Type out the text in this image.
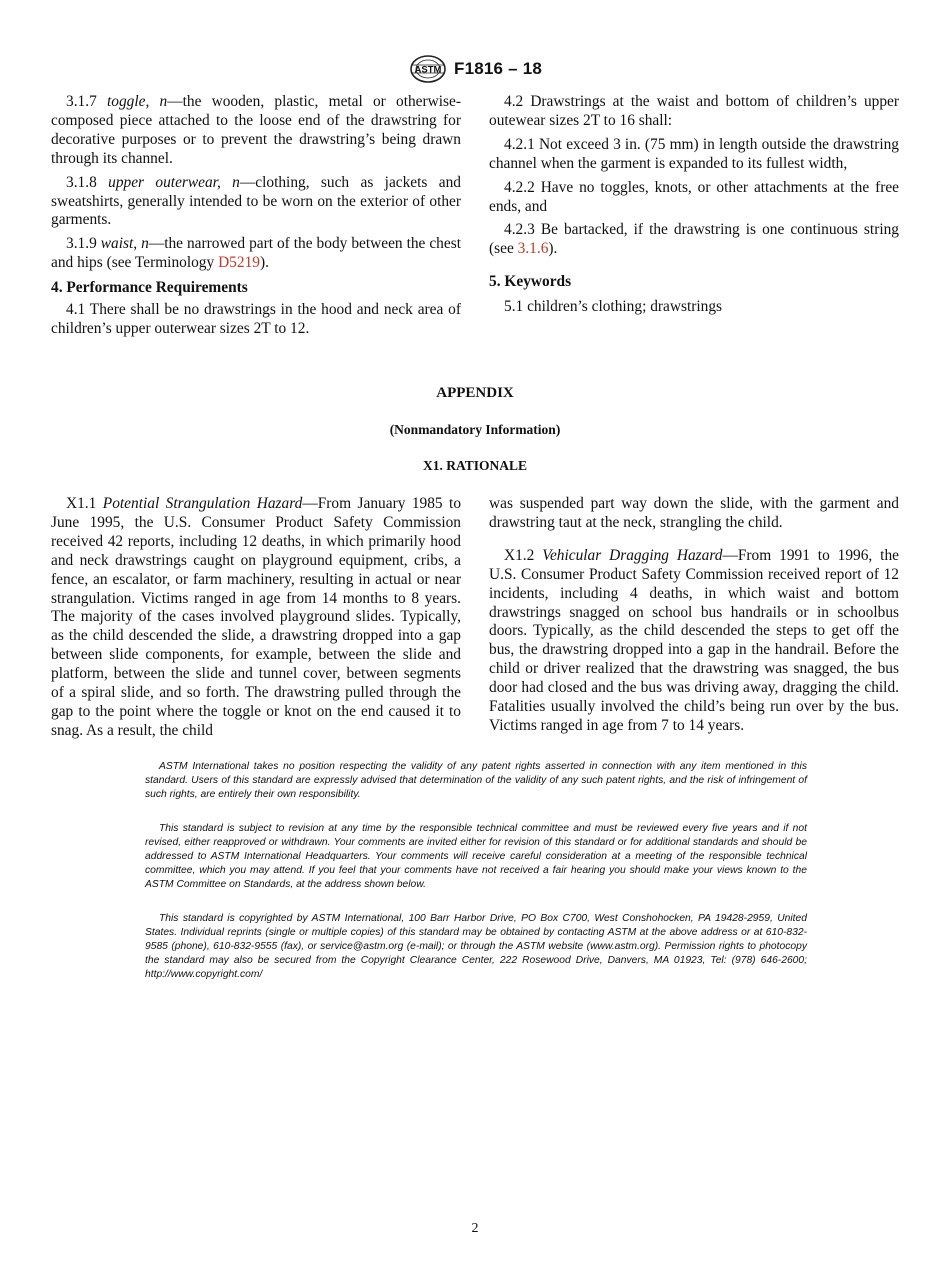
ASTM F1816 – 18

3.1.7 toggle, n—the wooden, plastic, metal or otherwise-composed piece attached to the loose end of the drawstring for decorative purposes or to prevent the drawstring’s being drawn through its channel.

3.1.8 upper outerwear, n—clothing, such as jackets and sweatshirts, generally intended to be worn on the exterior of other garments.

3.1.9 waist, n—the narrowed part of the body between the chest and hips (see Terminology D5219).

4. Performance Requirements

4.1 There shall be no drawstrings in the hood and neck area of children’s upper outerwear sizes 2T to 12.

4.2 Drawstrings at the waist and bottom of children’s upper outewear sizes 2T to 16 shall:

4.2.1 Not exceed 3 in. (75 mm) in length outside the drawstring channel when the garment is expanded to its fullest width,

4.2.2 Have no toggles, knots, or other attachments at the free ends, and

4.2.3 Be bartacked, if the drawstring is one continuous string (see 3.1.6).

5. Keywords

5.1 children’s clothing; drawstrings

APPENDIX
(Nonmandatory Information)
X1. RATIONALE

X1.1 Potential Strangulation Hazard—From January 1985 to June 1995, the U.S. Consumer Product Safety Commission received 42 reports, including 12 deaths, in which primarily hood and neck drawstrings caught on playground equipment, cribs, a fence, an escalator, or farm machinery, resulting in actual or near strangulation. Victims ranged in age from 14 months to 8 years. The majority of the cases involved playground slides. Typically, as the child descended the slide, a drawstring dropped into a gap between slide components, for example, between the slide and platform, between the slide and tunnel cover, between segments of a spiral slide, and so forth. The drawstring pulled through the gap to the point where the toggle or knot on the end caused it to snag. As a result, the child

was suspended part way down the slide, with the garment and drawstring taut at the neck, strangling the child.

X1.2 Vehicular Dragging Hazard—From 1991 to 1996, the U.S. Consumer Product Safety Commission received report of 12 incidents, including 4 deaths, in which waist and bottom drawstrings snagged on school bus handrails or in schoolbus doors. Typically, as the child descended the steps to get off the bus, the drawstring dropped into a gap in the handrail. Before the child or driver realized that the drawstring was snagged, the bus door had closed and the bus was driving away, dragging the child. Fatalities usually involved the child’s being run over by the bus. Victims ranged in age from 7 to 14 years.

ASTM International takes no position respecting the validity of any patent rights asserted in connection with any item mentioned in this standard. Users of this standard are expressly advised that determination of the validity of any such patent rights, and the risk of infringement of such rights, are entirely their own responsibility.

This standard is subject to revision at any time by the responsible technical committee and must be reviewed every five years and if not revised, either reapproved or withdrawn. Your comments are invited either for revision of this standard or for additional standards and should be addressed to ASTM International Headquarters. Your comments will receive careful consideration at a meeting of the responsible technical committee, which you may attend. If you feel that your comments have not received a fair hearing you should make your views known to the ASTM Committee on Standards, at the address shown below.

This standard is copyrighted by ASTM International, 100 Barr Harbor Drive, PO Box C700, West Conshohocken, PA 19428-2959, United States. Individual reprints (single or multiple copies) of this standard may be obtained by contacting ASTM at the above address or at 610-832-9585 (phone), 610-832-9555 (fax), or service@astm.org (e-mail); or through the ASTM website (www.astm.org). Permission rights to photocopy the standard may also be secured from the Copyright Clearance Center, 222 Rosewood Drive, Danvers, MA 01923, Tel: (978) 646-2600; http://www.copyright.com/

2
